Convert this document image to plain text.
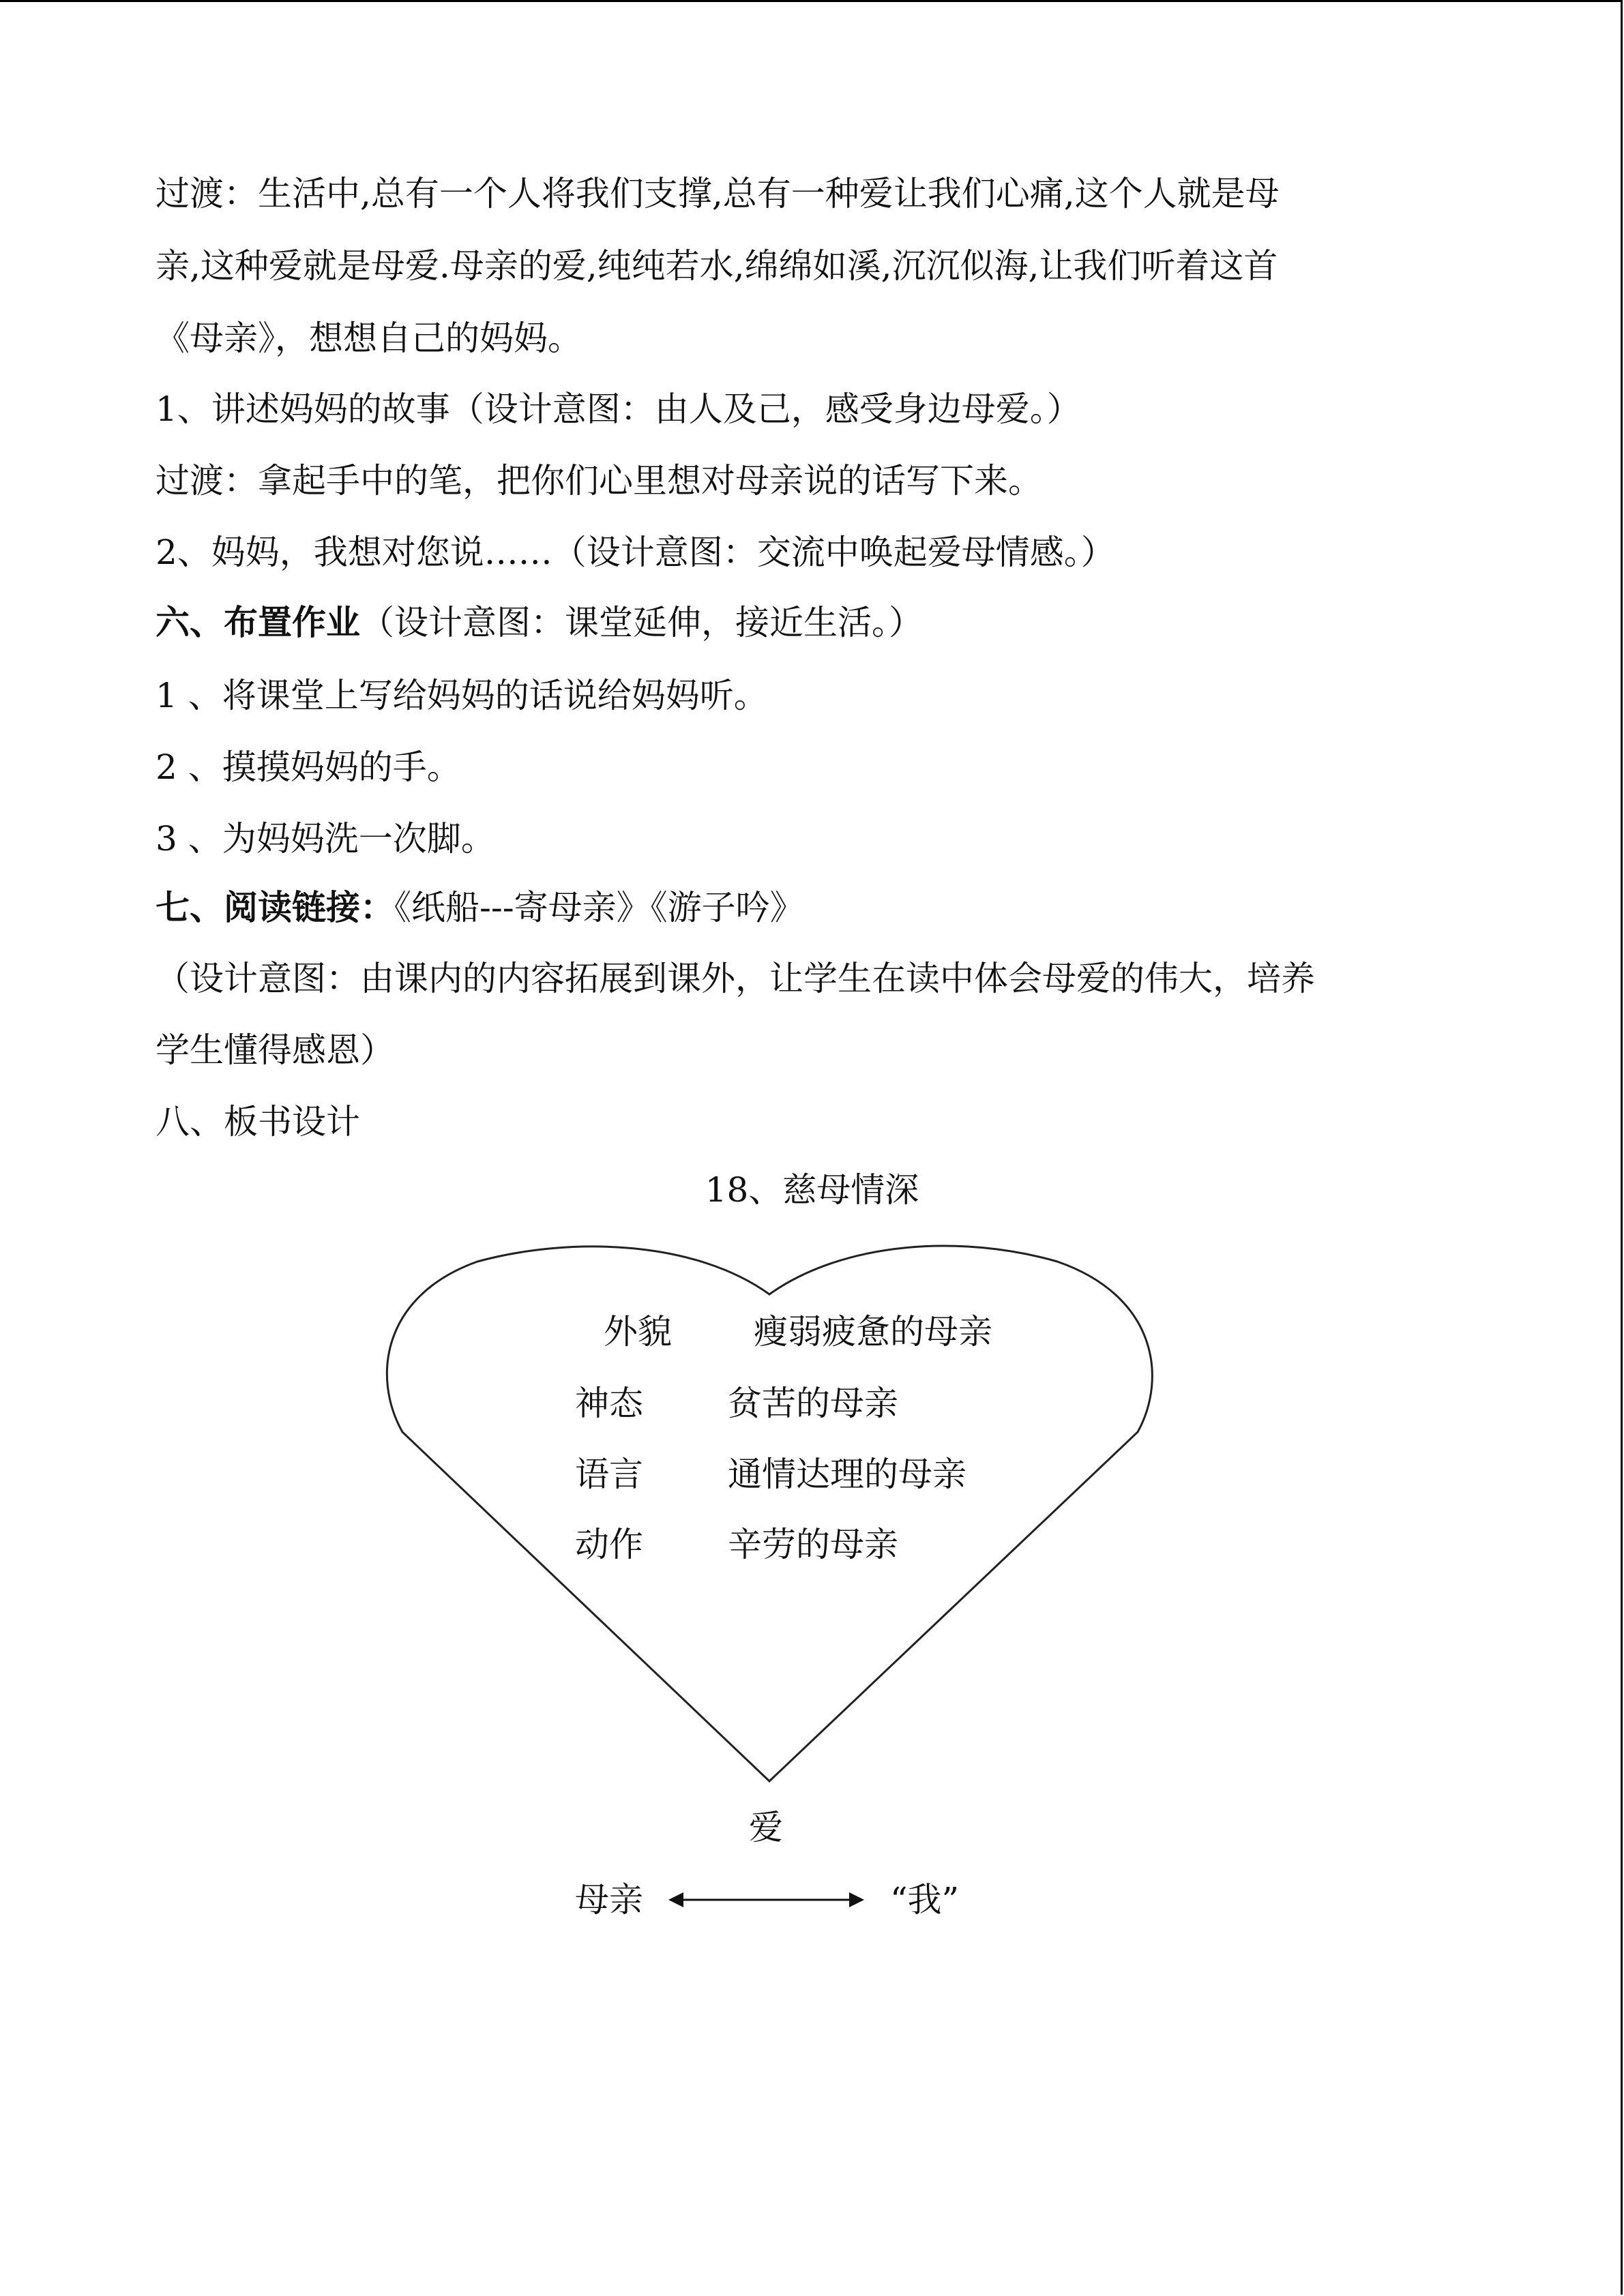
过渡：生活中,总有一个人将我们支撑,总有一种爱让我们心痛,这个人就是母
亲,这种爱就是母爱.母亲的爱,纯纯若水,绵绵如溪,沉沉似海,让我们听着这首
《母亲》，想想自己的妈妈。
1、讲述妈妈的故事（设计意图：由人及己，感受身边母爱。）
过渡：拿起手中的笔，把你们心里想对母亲说的话写下来。
2、妈妈，我想对您说……（设计意图：交流中唤起爱母情感。）
六、布置作业（设计意图：课堂延伸，接近生活。）
1 、将课堂上写给妈妈的话说给妈妈听。
2 、摸摸妈妈的手。
3 、为妈妈洗一次脚。
七、阅读链接：《纸船---寄母亲》《游子吟》
（设计意图：由课内的内容拓展到课外，让学生在读中体会母爱的伟大，培养
学生懂得感恩）
八、板书设计
18、慈母情深
外貌 瘦弱疲惫的母亲
神态 贫苦的母亲
语言 通情达理的母亲
动作 辛劳的母亲
爱
母亲	“我”
